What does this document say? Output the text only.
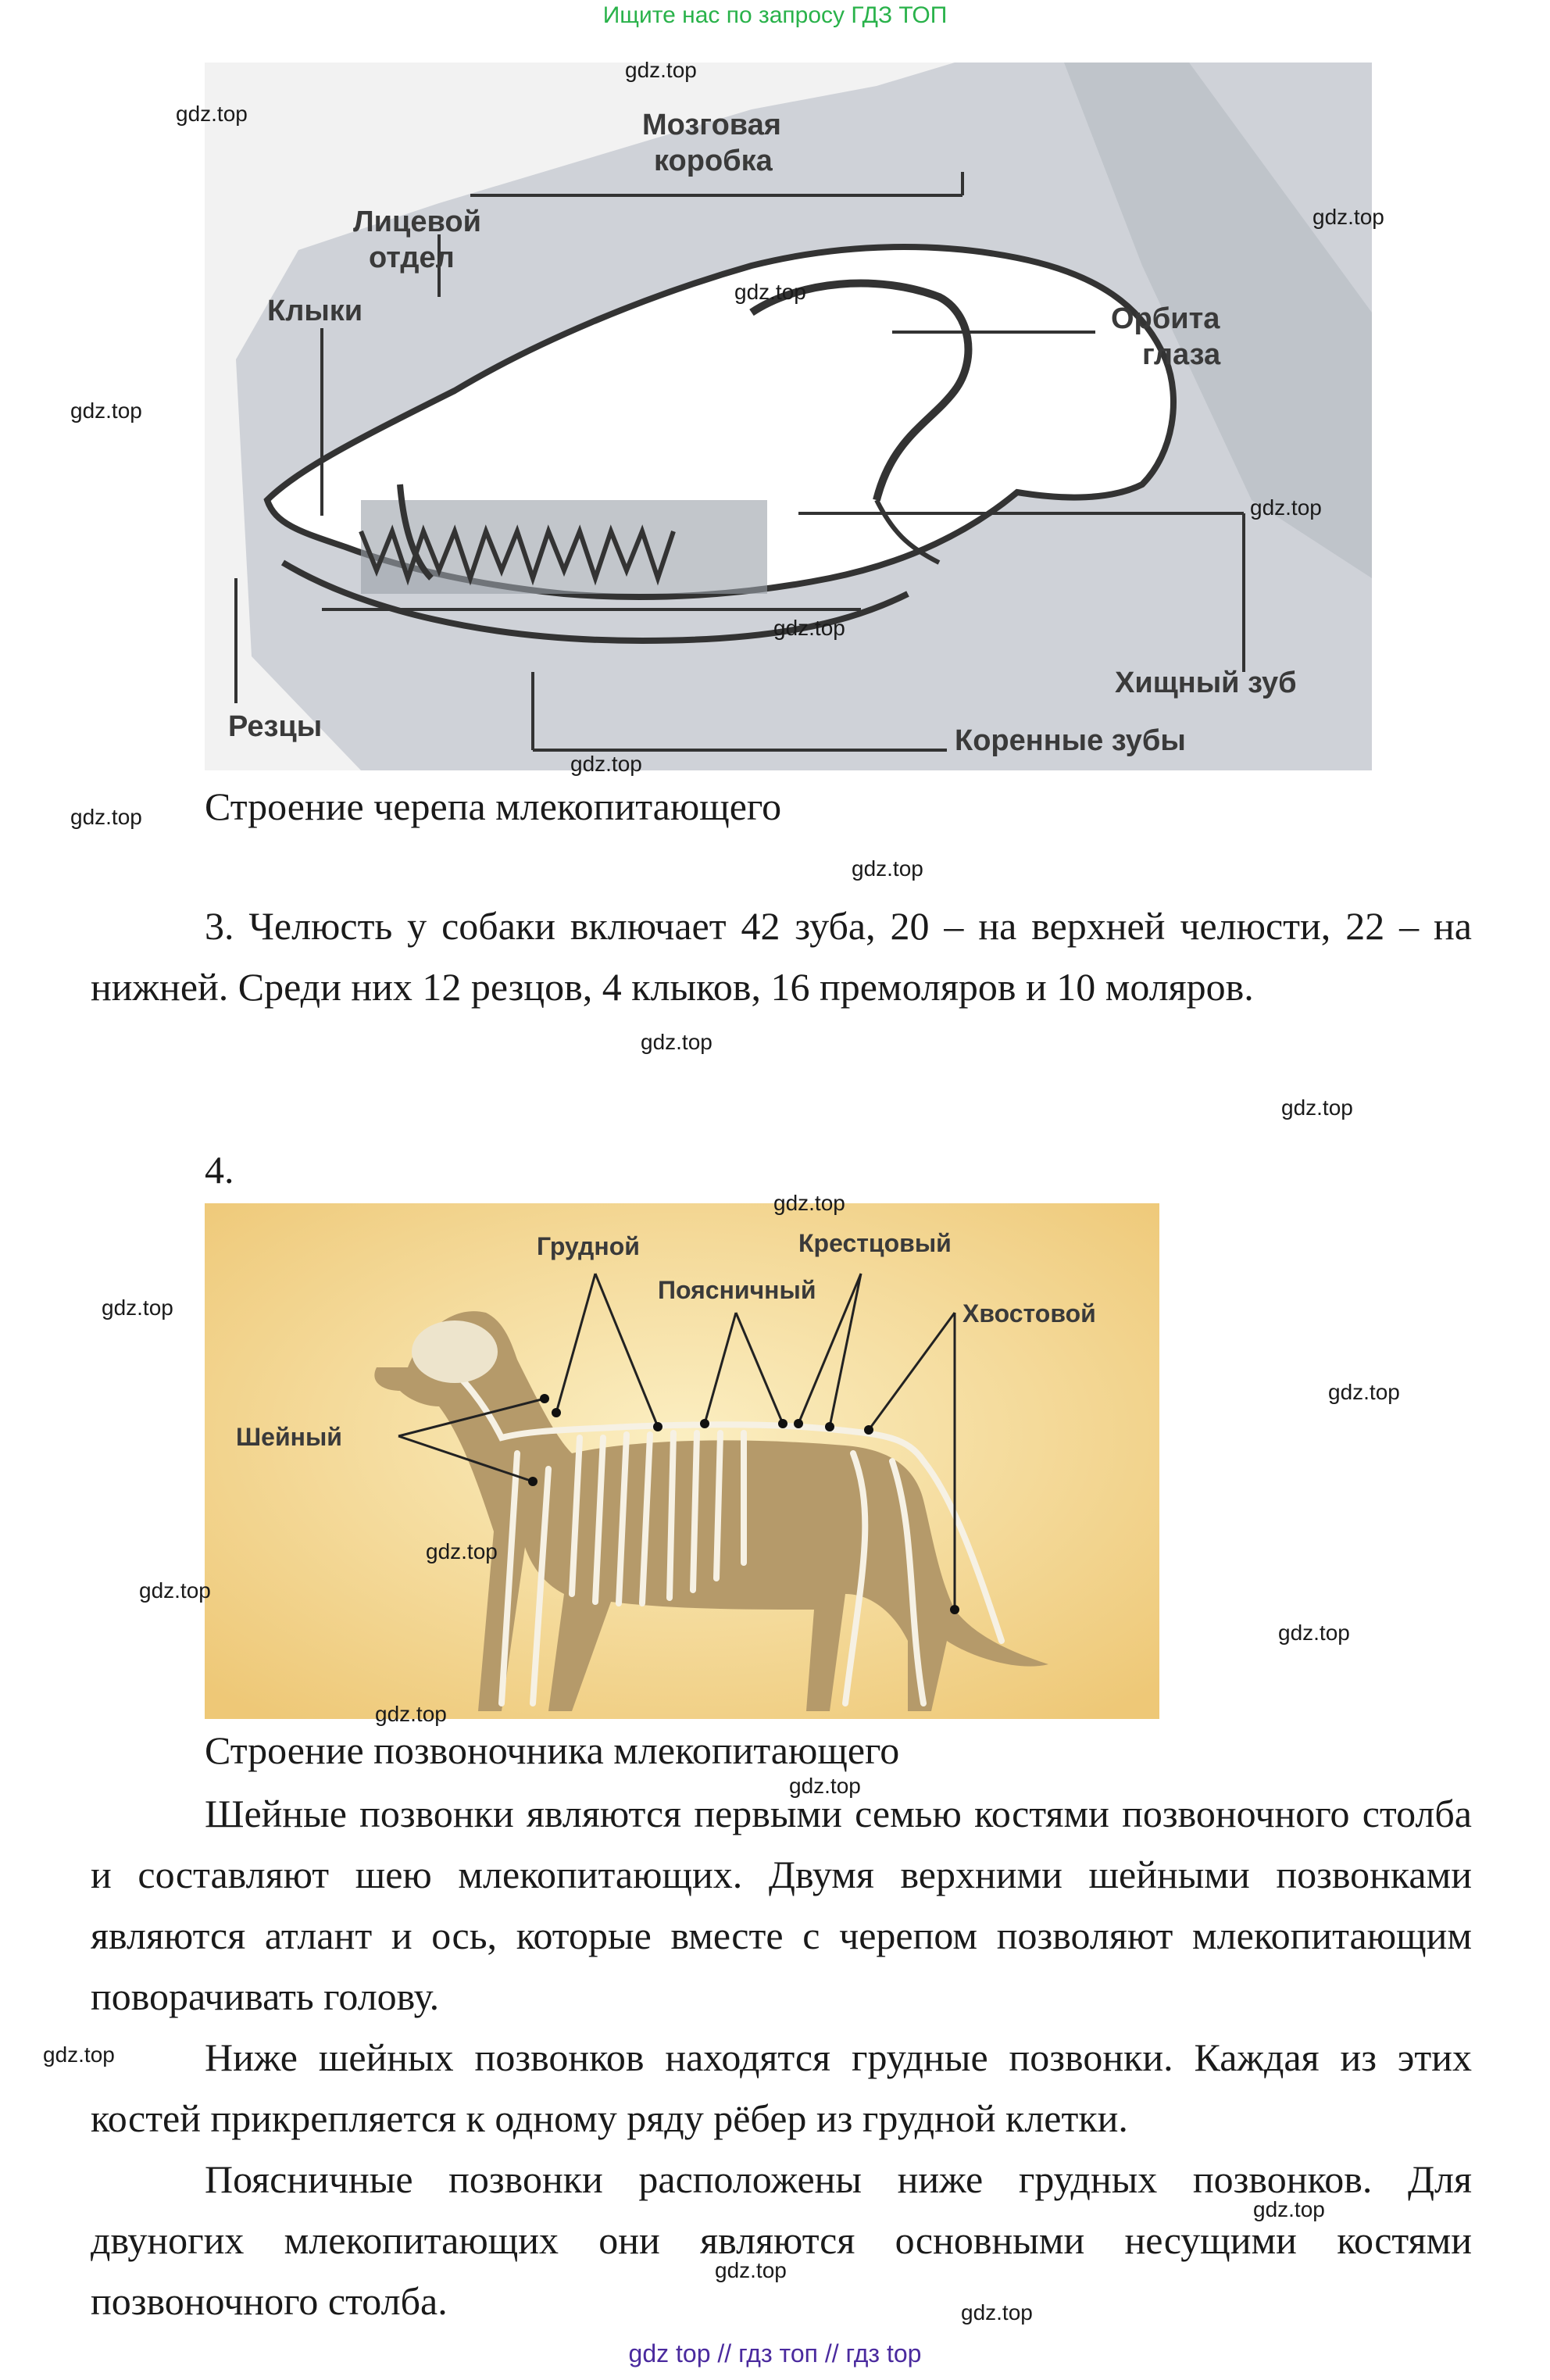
Ищите нас по запросу ГДЗ ТОП
Мозговая
коробка
Лицевой
отдел
Клыки	Орбита
глаза
Хищный зуб
Резцы	Коренные зубы
Строение черепа млекопитающего

3. Челюсть у собаки включает 42 зуба, 20 – на верхней челюсти, 22 – на нижней. Среди них 12 резцов, 4 клыков, 16 премоляров и 10 моляров.

4.
Грудной	Крестцовый
Поясничный
Хвостовой
Шейный
Строение позвоночника млекопитающего

Шейные позвонки являются первыми семью костями позвоночного столба и составляют шею млекопитающих. Двумя верхними шейными позвонками являются атлант и ось, которые вместе с черепом позволяют млекопитающим поворачивать голову.

Ниже шейных позвонков находятся грудные позвонки. Каждая из этих костей прикрепляется к одному ряду рёбер из грудной клетки.

Поясничные позвонки расположены ниже грудных позвонков. Для двуногих млекопитающих они являются основными несущими костями позвоночного столба.

gdz.top
gdz.top
gdz.top
gdz.top
gdz.top
gdz.top
gdz.top
gdz.top
gdz.top
gdz.top
gdz.top
gdz.top
gdz.top
gdz.top
gdz.top
gdz.top
gdz.top
gdz.top
gdz.top
gdz.top
gdz.top
gdz.top
gdz.top
gdz.top
gdz top // гдз топ // гдз top
